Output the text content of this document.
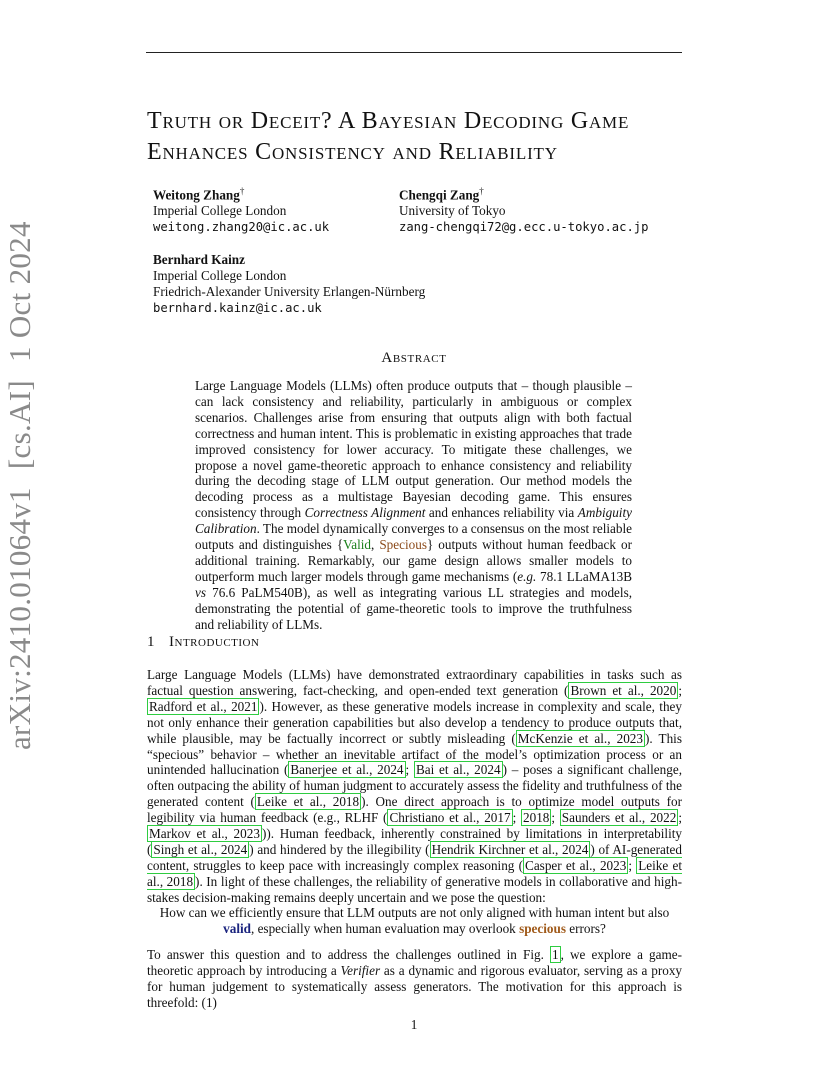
arXiv:2410.01064v1 [cs.AI] 1 Oct 2024
Truth or Deceit? A Bayesian Decoding Game
Enhances Consistency and Reliability
Weitong Zhang†
Imperial College London
weitong.zhang20@ic.ac.uk
Chengqi Zang†
University of Tokyo
zang-chengqi72@g.ecc.u-tokyo.ac.jp
Bernhard Kainz
Imperial College London
Friedrich-Alexander University Erlangen-Nürnberg
bernhard.kainz@ic.ac.uk
Abstract
Large Language Models (LLMs) often produce outputs that – though plausible – can lack consistency and reliability, particularly in ambiguous or complex scenarios. Challenges arise from ensuring that outputs align with both factual correctness and human intent. This is problematic in existing approaches that trade improved consistency for lower accuracy. To mitigate these challenges, we propose a novel game-theoretic approach to enhance consistency and reliability during the decoding stage of LLM output generation. Our method models the decoding process as a multistage Bayesian decoding game. This ensures consistency through Correctness Alignment and enhances reliability via Ambiguity Calibration. The model dynamically converges to a consensus on the most reliable outputs and distinguishes {Valid, Specious} outputs without human feedback or additional training. Remarkably, our game design allows smaller models to outperform much larger models through game mechanisms (e.g. 78.1 LLaMA13B vs 76.6 PaLM540B), as well as integrating various LL strategies and models, demonstrating the potential of game-theoretic tools to improve the truthfulness and reliability of LLMs.
1 Introduction
Large Language Models (LLMs) have demonstrated extraordinary capabilities in tasks such as factual question answering, fact-checking, and open-ended text generation ( Brown et al., 2020 ; Radford et al., 2021 ). However, as these generative models increase in complexity and scale, they not only enhance their generation capabilities but also develop a tendency to produce outputs that, while plausible, may be factually incorrect or subtly misleading ( McKenzie et al., 2023 ). This “specious” behavior – whether an inevitable artifact of the model’s optimization process or an unintended hallucination ( Banerjee et al., 2024 ; Bai et al., 2024 ) – poses a significant challenge, often outpacing the ability of human judgment to accurately assess the fidelity and truthfulness of the generated content ( Leike et al., 2018 ). One direct approach is to optimize model outputs for legibility via human feedback (e.g., RLHF ( Christiano et al., 2017 ; 2018 ; Saunders et al., 2022 ; Markov et al., 2023 )). Human feedback, inherently constrained by limitations in interpretability ( Singh et al., 2024 ) and hindered by the illegibility ( Hendrik Kirchner et al., 2024 ) of AI-generated content, struggles to keep pace with increasingly complex reasoning ( Casper et al., 2023 ; Leike et al., 2018 ). In light of these challenges, the reliability of generative models in collaborative and high-stakes decision-making remains deeply uncertain and we pose the question:
How can we efficiently ensure that LLM outputs are not only aligned with human intent but also valid, especially when human evaluation may overlook specious errors?
To answer this question and to address the challenges outlined in Fig. 1 , we explore a game-theoretic approach by introducing a Verifier as a dynamic and rigorous evaluator, serving as a proxy for human judgement to systematically assess generators. The motivation for this approach is threefold: (1)
1
